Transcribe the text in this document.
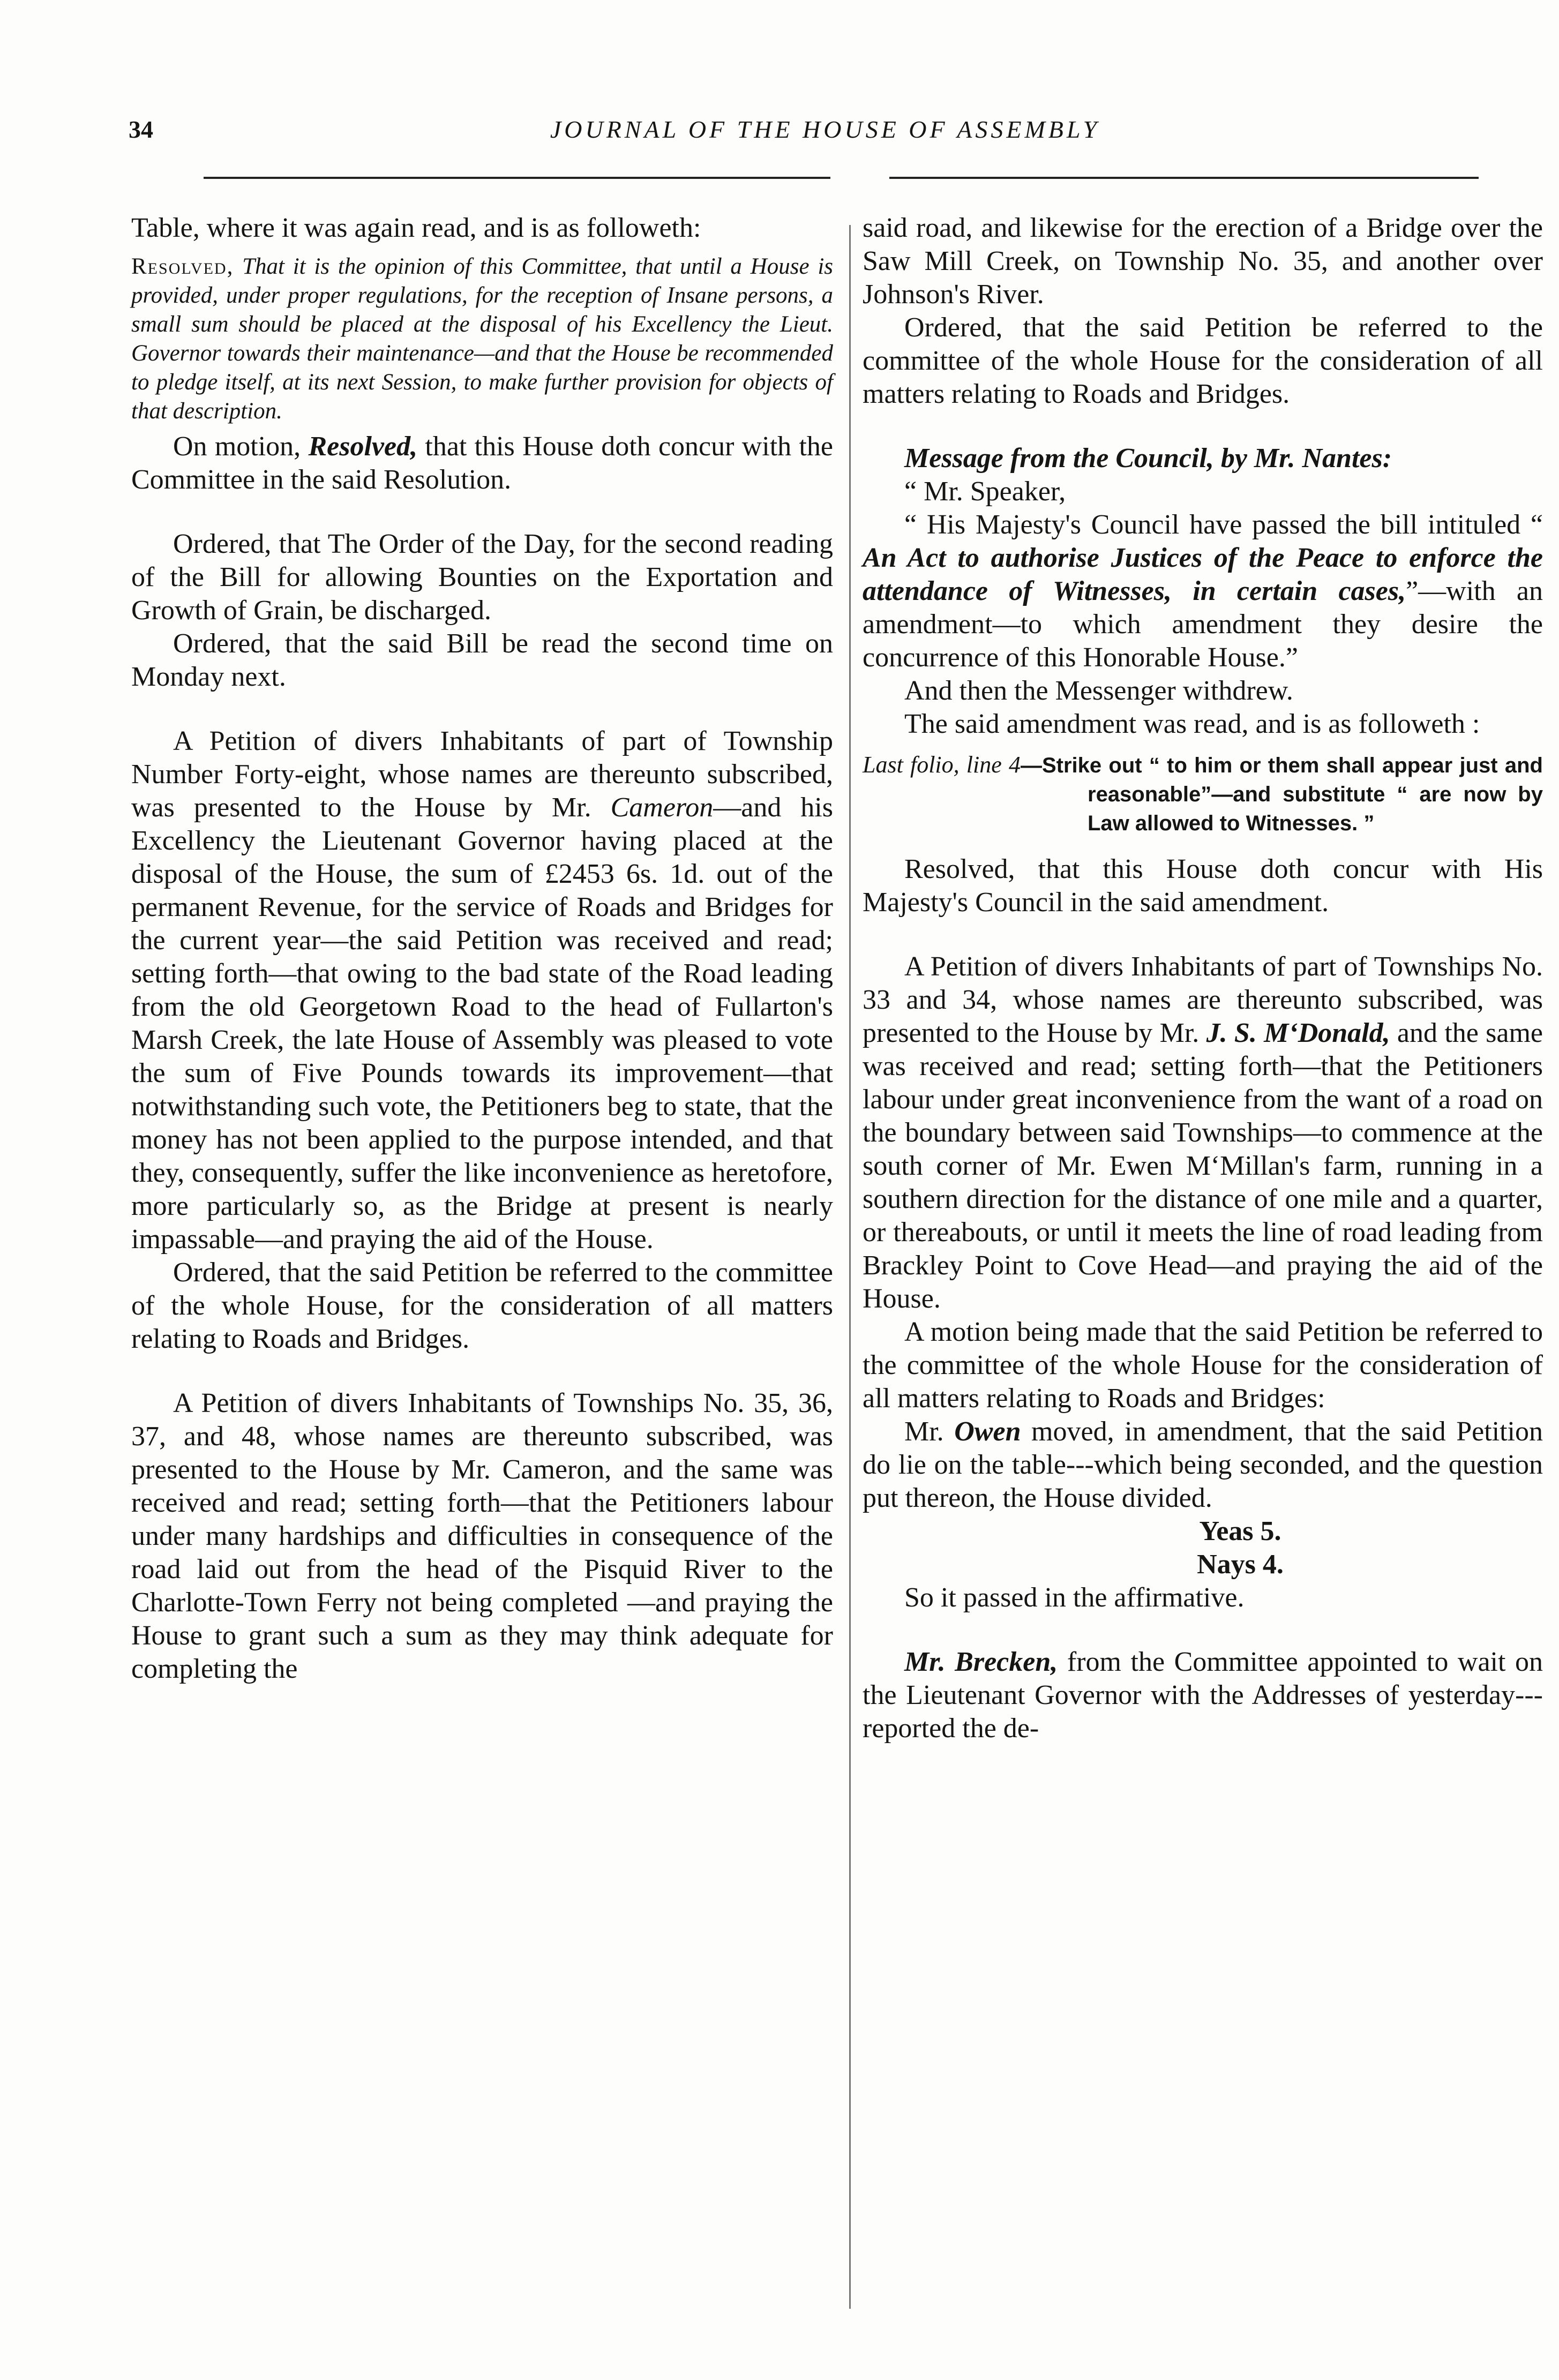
34	JOURNAL OF THE HOUSE OF ASSEMBLY

Table, where it was again read, and is as followeth:

Resolved, That it is the opinion of this Committee, that until a House is provided, under proper regulations, for the reception of Insane persons, a small sum should be placed at the disposal of his Excellency the Lieut. Governor towards their maintenance—and that the House be recommended to pledge itself, at its next Session, to make further provision for objects of that description.

On motion, Resolved, that this House doth concur with the Committee in the said Resolution.

Ordered, that The Order of the Day, for the second reading of the Bill for allowing Bounties on the Exportation and Growth of Grain, be discharged.

Ordered, that the said Bill be read the second time on Monday next.

A Petition of divers Inhabitants of part of Township Number Forty-eight, whose names are thereunto subscribed, was presented to the House by Mr. Cameron—and his Excellency the Lieutenant Governor having placed at the disposal of the House, the sum of £2453 6s. 1d. out of the permanent Revenue, for the service of Roads and Bridges for the current year—the said Petition was received and read; setting forth—that owing to the bad state of the Road leading from the old Georgetown Road to the head of Fullarton's Marsh Creek, the late House of Assembly was pleased to vote the sum of Five Pounds towards its improvement—that notwithstanding such vote, the Petitioners beg to state, that the money has not been applied to the purpose intended, and that they, consequently, suffer the like inconvenience as heretofore, more particularly so, as the Bridge at present is nearly impassable—and praying the aid of the House.

Ordered, that the said Petition be referred to the committee of the whole House, for the consideration of all matters relating to Roads and Bridges.

A Petition of divers Inhabitants of Townships No. 35, 36, 37, and 48, whose names are thereunto subscribed, was presented to the House by Mr. Cameron, and the same was received and read; setting forth—that the Petitioners labour under many hardships and difficulties in consequence of the road laid out from the head of the Pisquid River to the Charlotte-Town Ferry not being completed —and praying the House to grant such a sum as they may think adequate for completing the

said road, and likewise for the erection of a Bridge over the Saw Mill Creek, on Township No. 35, and another over Johnson's River.

Ordered, that the said Petition be referred to the committee of the whole House for the consideration of all matters relating to Roads and Bridges.

Message from the Council, by Mr. Nantes:

“ Mr. Speaker,

“ His Majesty's Council have passed the bill intituled “ An Act to authorise Justices of the Peace to enforce the attendance of Witnesses, in certain cases,”—with an amendment—to which amendment they desire the concurrence of this Honorable House.”

And then the Messenger withdrew.

The said amendment was read, and is as followeth :

Last folio, line 4—Strike out “ to him or them shall appear just and reasonable”—and substitute “ are now by Law allowed to Witnesses. ”

Resolved, that this House doth concur with His Majesty's Council in the said amendment.

A Petition of divers Inhabitants of part of Townships No. 33 and 34, whose names are thereunto subscribed, was presented to the House by Mr. J. S. M‘Donald, and the same was received and read; setting forth—that the Petitioners labour under great inconvenience from the want of a road on the boundary between said Townships—to commence at the south corner of Mr. Ewen M‘Millan's farm, running in a southern direction for the distance of one mile and a quarter, or thereabouts, or until it meets the line of road leading from Brackley Point to Cove Head—and praying the aid of the House.

A motion being made that the said Petition be referred to the committee of the whole House for the consideration of all matters relating to Roads and Bridges:

Mr. Owen moved, in amendment, that the said Petition do lie on the table---which being seconded, and the question put thereon, the House divided.

Yeas 5.

Nays 4.

So it passed in the affirmative.

Mr. Brecken, from the Committee appointed to wait on the Lieutenant Governor with the Addresses of yesterday---reported the de-
